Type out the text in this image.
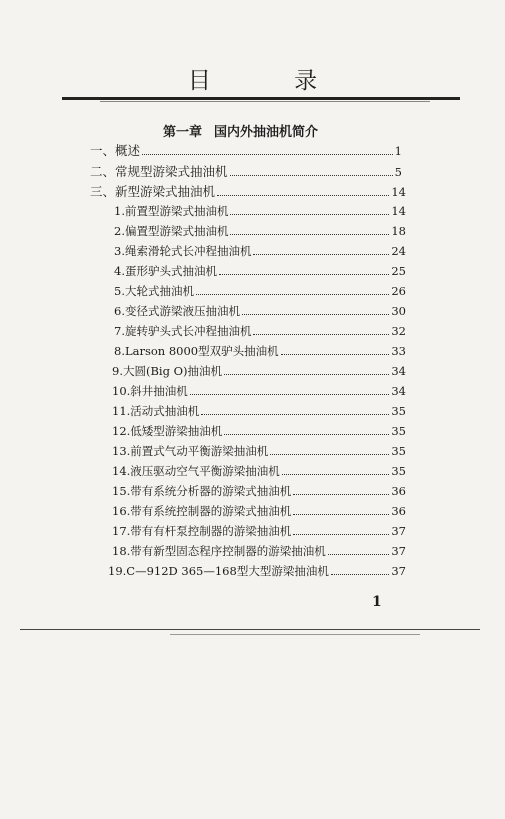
目 录
第一章 国内外抽油机简介
一、概述	1
二、常规型游梁式抽油机	5
三、新型游梁式抽油机	14
1.前置型游梁式抽油机	14
2.偏置型游梁式抽油机	18
3.绳索滑轮式长冲程抽油机	24
4.蛋形驴头式抽油机	25
5.大轮式抽油机	26
6.变径式游梁液压抽油机	30
7.旋转驴头式长冲程抽油机	32
8.Larson 8000型双驴头抽油机	33
9.大圆(Big O)抽油机	34
10.斜井抽油机	34
11.活动式抽油机	35
12.低矮型游梁抽油机	35
13.前置式气动平衡游梁抽油机	35
14.液压驱动空气平衡游梁抽油机	35
15.带有系统分析器的游梁式抽油机	36
16.带有系统控制器的游梁式抽油机	36
17.带有有杆泵控制器的游梁抽油机	37
18.带有新型固态程序控制器的游梁抽油机	37
19.C—912D 365—168型大型游梁抽油机	37
1
